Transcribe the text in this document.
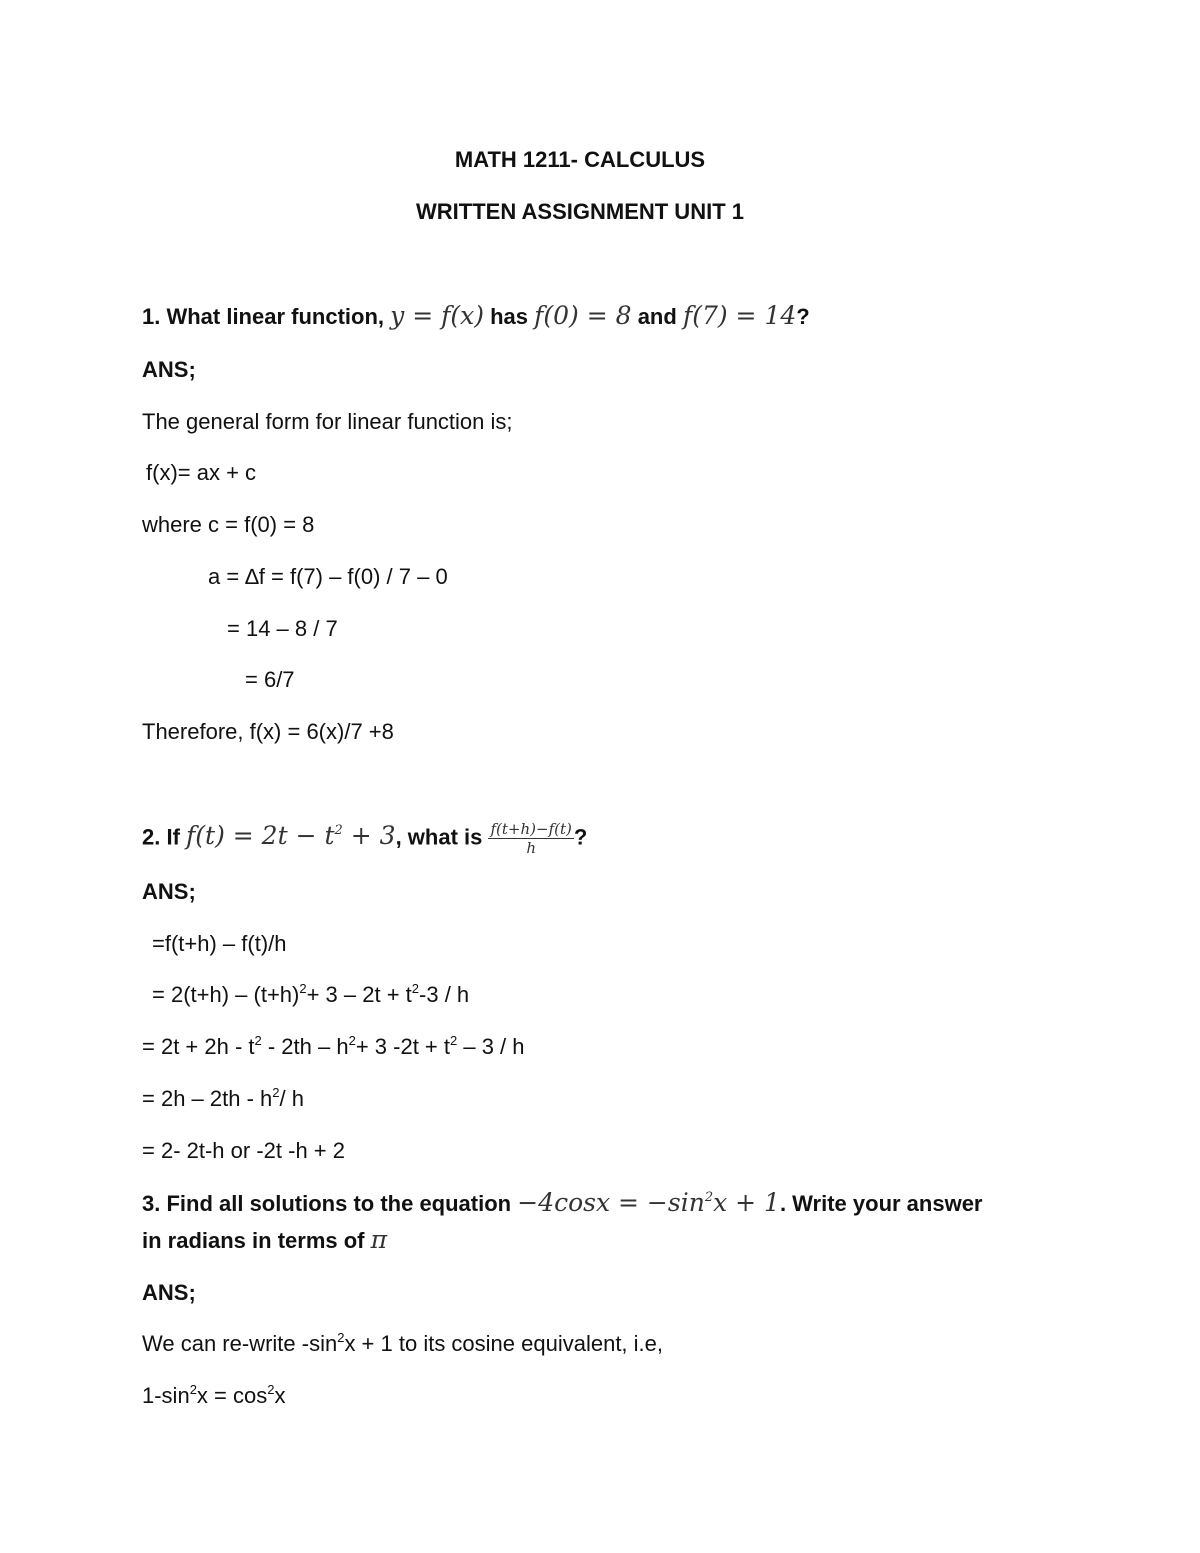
MATH 1211- CALCULUS
WRITTEN ASSIGNMENT UNIT 1
1. What linear function, y = f(x) has f(0) = 8 and f(7) = 14?
ANS;
The general form for linear function is;
f(x)= ax + c
where c = f(0) = 8
a = ∆f = f(7) – f(0) / 7 – 0
= 14 – 8 / 7
= 6/7
Therefore, f(x) = 6(x)/7 +8
2. If $f(t) = 2t - t^2 + 3$, what is $\frac{f(t+h)-f(t)}{h}$ ?
ANS;
=f(t+h) – f(t)/h
= $2(t+h) - (t+h)^2+ 3 - 2t + t^2-3 / h$
= $2t + 2h - t^2 - 2th - h^2+ 3$ $-2t + t^2 - 3 / h$
= $2h - 2th - h^2/$ h
= 2- 2t-h or -2t -h + 2
3. Find all solutions to the equation $-4\cos x = -\sin^2x + 1$. Write your answer
in radians in terms of π
ANS;
We can re-write $-\sin^2x + 1$ to its cosine equivalent, i.e,
$1-\sin^2x = \cos^2x$
